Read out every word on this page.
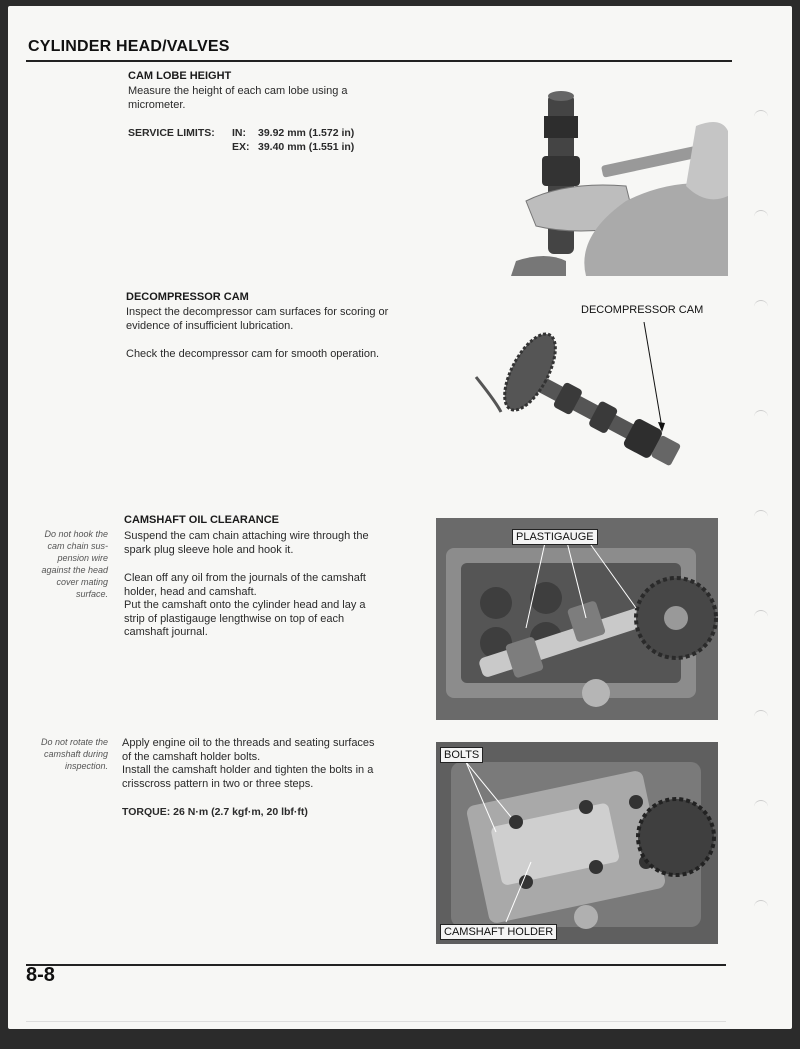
CYLINDER HEAD/VALVES
CAM LOBE HEIGHT
Measure the height of each cam lobe using a
micrometer.
SERVICE LIMITS:	IN:	39.92 mm (1.572 in)
EX: 39.40 mm (1.551 in)
DECOMPRESSOR CAM
Inspect the decompressor cam surfaces for scoring or
evidence of insufficient lubrication.
Check the decompressor cam for smooth operation.
DECOMPRESSOR CAM
CAMSHAFT OIL CLEARANCE
Do not hook the
cam chain sus-
pension wire
against the head
cover mating
surface.
Suspend the cam chain attaching wire through the
spark plug sleeve hole and hook it.
Clean off any oil from the journals of the camshaft
holder, head and camshaft.
Put the camshaft onto the cylinder head and lay a
strip of plastigauge lengthwise on top of each
camshaft journal.
PLASTIGAUGE
Do not rotate the
camshaft during
inspection.
Apply engine oil to the threads and seating surfaces
of the camshaft holder bolts.
Install the camshaft holder and tighten the bolts in a
crisscross pattern in two or three steps.
TORQUE: 26 N·m (2.7 kgf·m, 20 lbf·ft)
BOLTS
CAMSHAFT HOLDER
8-8
